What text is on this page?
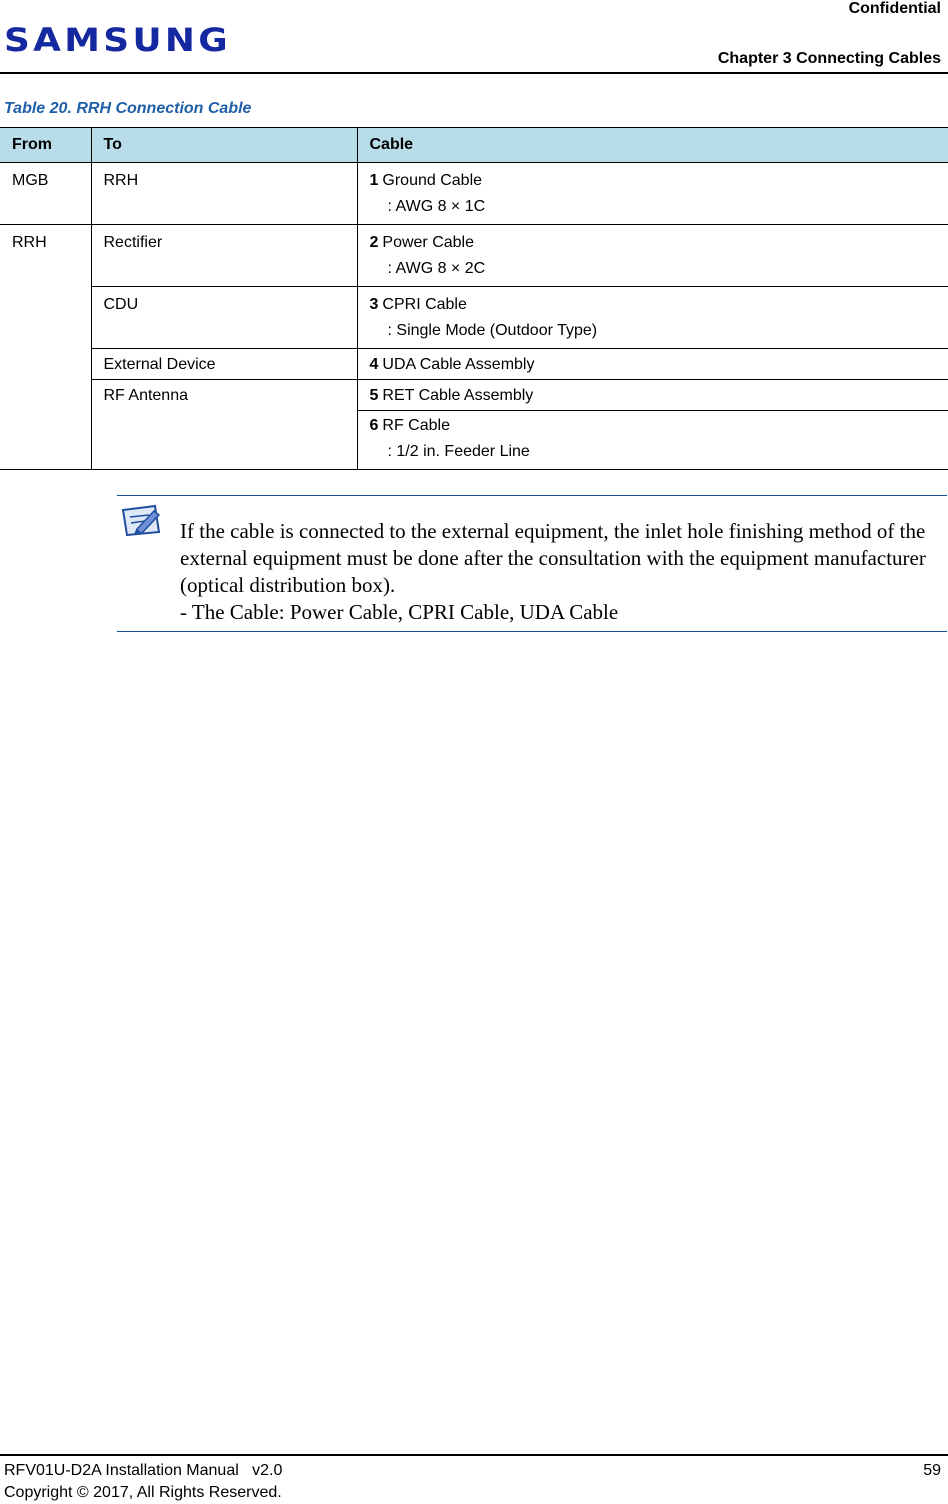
Confidential
SAMSUNG	Chapter 3 Connecting Cables
Table 20. RRH Connection Cable
From	To	Cable
MGB	RRH	1 Ground Cable
: AWG 8 × 1C
RRH	Rectifier	2 Power Cable
: AWG 8 × 2C
	CDU	3 CPRI Cable
: Single Mode (Outdoor Type)
	External Device	4 UDA Cable Assembly
	RF Antenna	5 RET Cable Assembly
		6 RF Cable
: 1/2 in. Feeder Line
If the cable is connected to the external equipment, the inlet hole finishing method of the external equipment must be done after the consultation with the equipment manufacturer (optical distribution box).
- The Cable: Power Cable, CPRI Cable, UDA Cable
RFV01U-D2A Installation Manual   v2.0
Copyright © 2017, All Rights Reserved.
59
